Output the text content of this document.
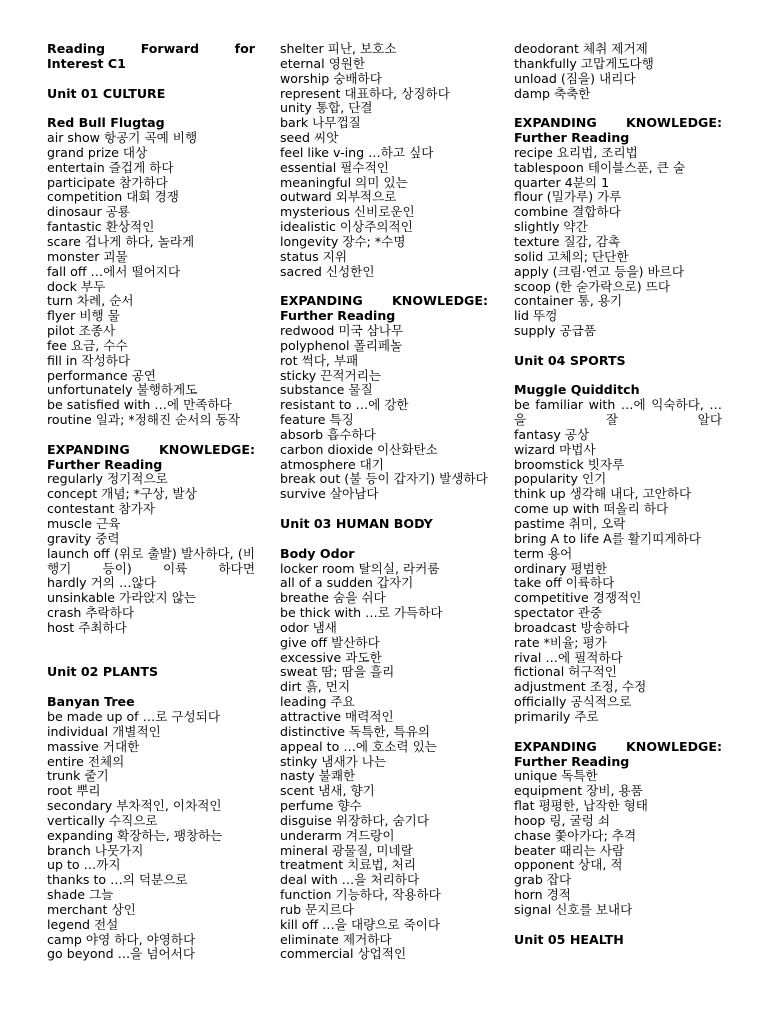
Reading Forward for
Interest C1
Unit 01 CULTURE
Red Bull Flugtag
air show 항공기 곡예 비행
grand prize 대상
entertain 즐겁게 하다
participate 참가하다
competition 대회 경쟁
dinosaur 공룡
fantastic 환상적인
scare 겁나게 하다, 놀라게
monster 괴물
fall off …에서 떨어지다
dock 부두
turn 차례, 순서
flyer 비행 물
pilot 조종사
fee 요금, 수수
fill in 작성하다
performance 공연
unfortunately 불행하게도
be satisfied with …에 만족하다
routine 일과; *정해진 순서의 동작
EXPANDING KNOWLEDGE:
Further Reading
regularly 정기적으로
concept 개념; *구상, 발상
contestant 참가자
muscle 근육
gravity 중력
launch off (위로 출발) 발사하다, (비행기 등이) 이륙 하다면
hardly 거의 …않다
unsinkable 가라앉지 않는
crash 추락하다
host 주최하다
Unit 02 PLANTS
Banyan Tree
be made up of …로 구성되다
individual 개별적인
massive 거대한
entire 전체의
trunk 줄기
root 뿌리
secondary 부차적인, 이차적인
vertically 수직으로
expanding 확장하는, 팽창하는
branch 나뭇가지
up to …까지
thanks to …의 덕분으로
shade 그늘
merchant 상인
legend 전설
camp 야영 하다, 야영하다
go beyond …을 넘어서다
shelter 피난, 보호소
eternal 영원한
worship 숭배하다
represent 대표하다, 상징하다
unity 통합, 단결
bark 나무껍질
seed 씨앗
feel like v-ing …하고 싶다
essential 필수적인
meaningful 의미 있는
outward 외부적으로
mysterious 신비로운인
idealistic 이상주의적인
longevity 장수; *수명
status 지위
sacred 신성한인
EXPANDING KNOWLEDGE:
Further Reading
redwood 미국 삼나무
polyphenol 폴리페놀
rot 썩다, 부패
sticky 끈적거리는
substance 물질
resistant to …에 강한
feature 특징
absorb 흡수하다
carbon dioxide 이산화탄소
atmosphere 대기
break out (불 등이 갑자기) 발생하다
survive 살아남다
Unit 03 HUMAN BODY
Body Odor
locker room 탈의실, 라커룸
all of a sudden 갑자기
breathe 숨을 쉬다
be thick with …로 가득하다
odor 냄새
give off 발산하다
excessive 과도한
sweat 땀; 땀을 흘리
dirt 흙, 먼지
leading 주요
attractive 매력적인
distinctive 독특한, 특유의
appeal to …에 호소력 있는
stinky 냄새가 나는
nasty 불쾌한
scent 냄새, 향기
perfume 향수
disguise 위장하다, 숨기다
underarm 겨드랑이
mineral 광물질, 미네랄
treatment 치료법, 처리
deal with …을 처리하다
function 기능하다, 작용하다
rub 문지르다
kill off …을 대량으로 죽이다
eliminate 제거하다
commercial 상업적인
deodorant 체취 제거제
thankfully 고맙게도다행
unload (짐을) 내리다
damp 축축한
EXPANDING KNOWLEDGE:
Further Reading
recipe 요리법, 조리법
tablespoon 테이블스푼, 큰 술
quarter 4분의 1
flour (밀가루) 가루
combine 결합하다
slightly 약간
texture 질감, 감촉
solid 고체의; 단단한
apply (크림·연고 등을) 바르다
scoop (한 숟가락으로) 뜨다
container 통, 용기
lid 뚜껑
supply 공급품
Unit 04 SPORTS
Muggle Quidditch
be familiar with …에 익숙하다, …을 잘 알다
fantasy 공상
wizard 마법사
broomstick 빗자루
popularity 인기
think up 생각해 내다, 고안하다
come up with 떠올리 하다
pastime 취미, 오락
bring A to life A를 활기띠게하다
term 용어
ordinary 평범한
take off 이륙하다
competitive 경쟁적인
spectator 관중
broadcast 방송하다
rate *비율; 평가
rival …에 필적하다
fictional 허구적인
adjustment 조정, 수정
officially 공식적으로
primarily 주로
EXPANDING KNOWLEDGE:
Further Reading
unique 독특한
equipment 장비, 용품
flat 평평한, 납작한 형태
hoop 링, 굴렁 쇠
chase 쫓아가다; 추격
beater 때리는 사람
opponent 상대, 적
grab 잡다
horn 경적
signal 신호를 보내다
Unit 05 HEALTH
